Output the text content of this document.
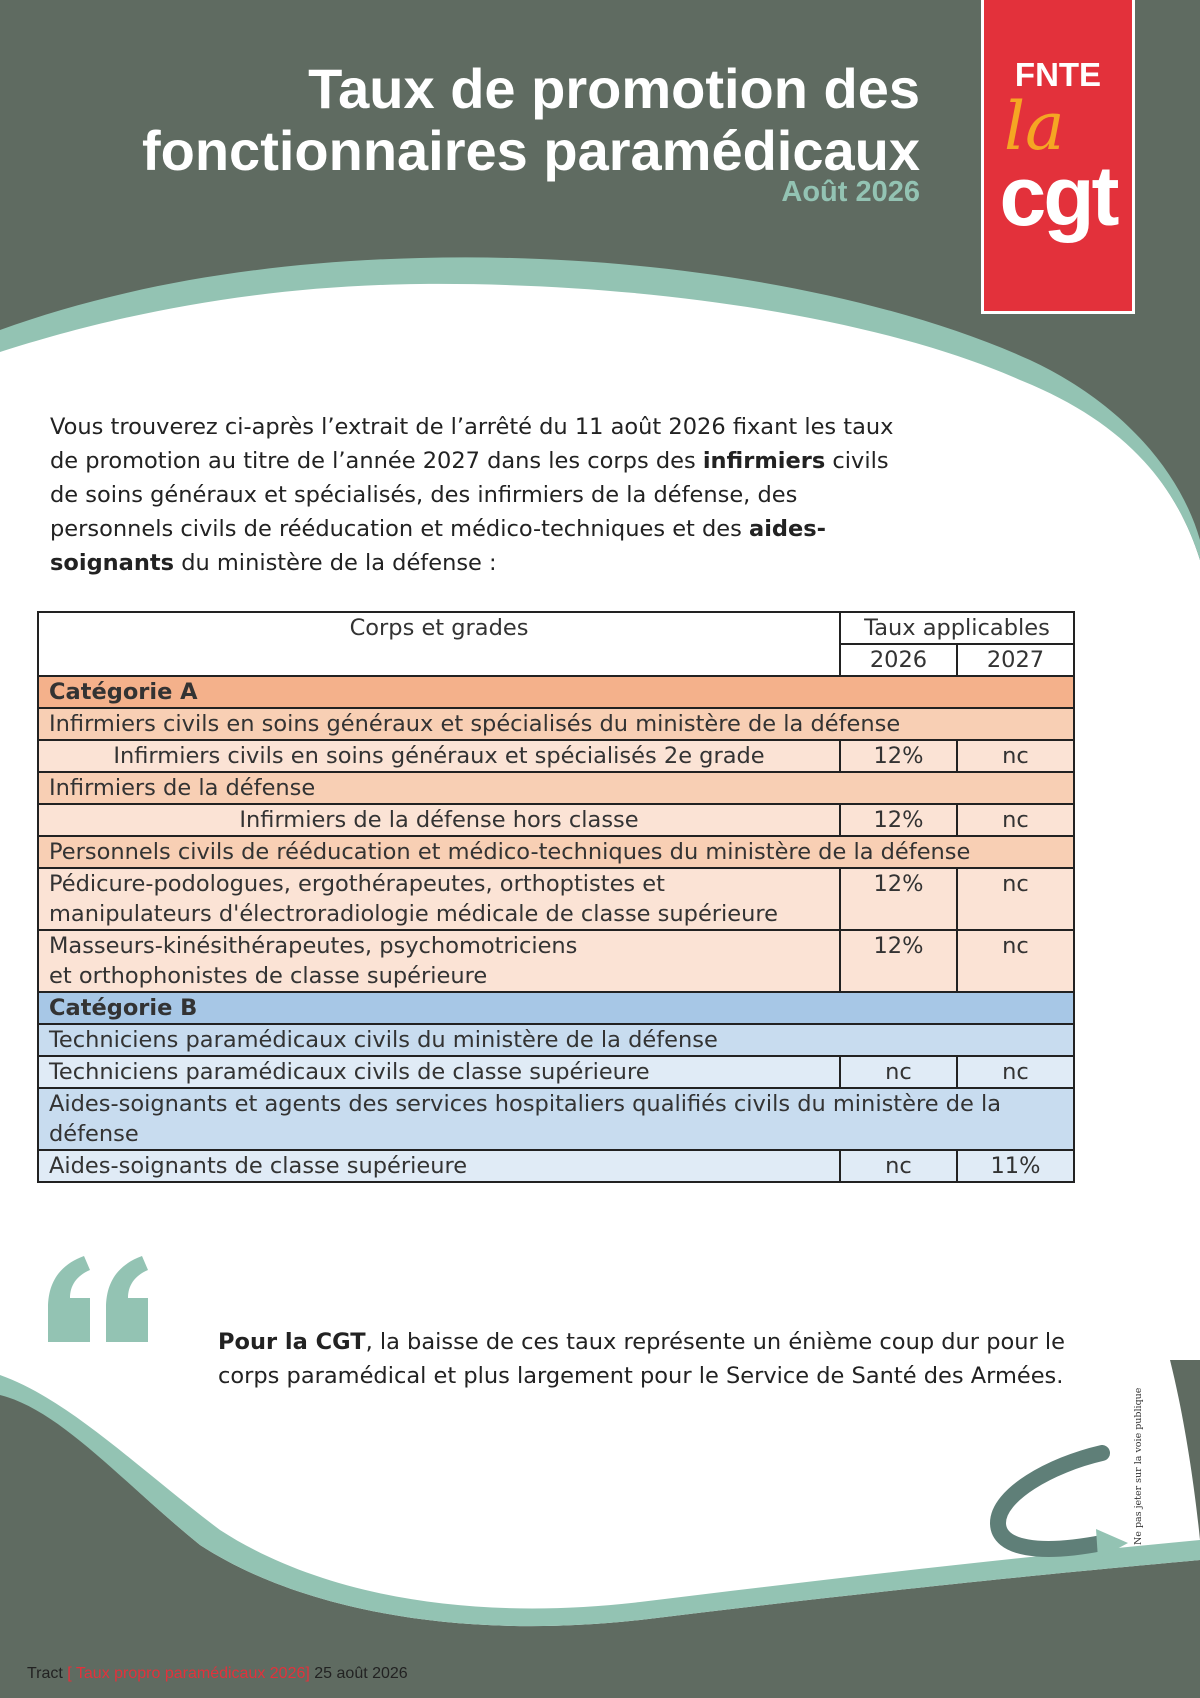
Taux de promotion des
fonctionnaires paramédicaux
Août 2026
FNTE
la
cgt
Vous trouverez ci-après l’extrait de l’arrêté du 11 août 2026 fixant les taux de promotion au titre de l’année 2027 dans les corps des infirmiers civils de soins généraux et spécialisés, des infirmiers de la défense, des personnels civils de rééducation et médico-techniques et des aides-soignants du ministère de la défense :
Corps et grades	Taux applicables	
	2026	2027
Catégorie A		
Infirmiers civils en soins généraux et spécialisés du ministère de la défense		
Infirmiers civils en soins généraux et spécialisés 2e grade	12%	nc
Infirmiers de la défense		
Infirmiers de la défense hors classe	12%	nc
Personnels civils de rééducation et médico-techniques du ministère de la défense		

Pédicure-podologues, ergothérapeutes, orthoptistes et
manipulateurs d'électroradiologie médicale de classe supérieure	12%	nc

Masseurs-kinésithérapeutes, psychomotriciens
et orthophonistes de classe supérieure	12%	nc
Catégorie B		
Techniciens paramédicaux civils du ministère de la défense		
Techniciens paramédicaux civils de classe supérieure	nc	nc
Aides-soignants et agents des services hospitaliers qualifiés civils du ministère de la défense		
Aides-soignants de classe supérieure	nc	11%
Pour la CGT, la baisse de ces taux représente un énième coup dur pour le corps paramédical et plus largement pour le Service de Santé des Armées.
Ne pas jeter sur la voie publique
Tract [ Taux propro paramédicaux 2026] 25 août 2026
